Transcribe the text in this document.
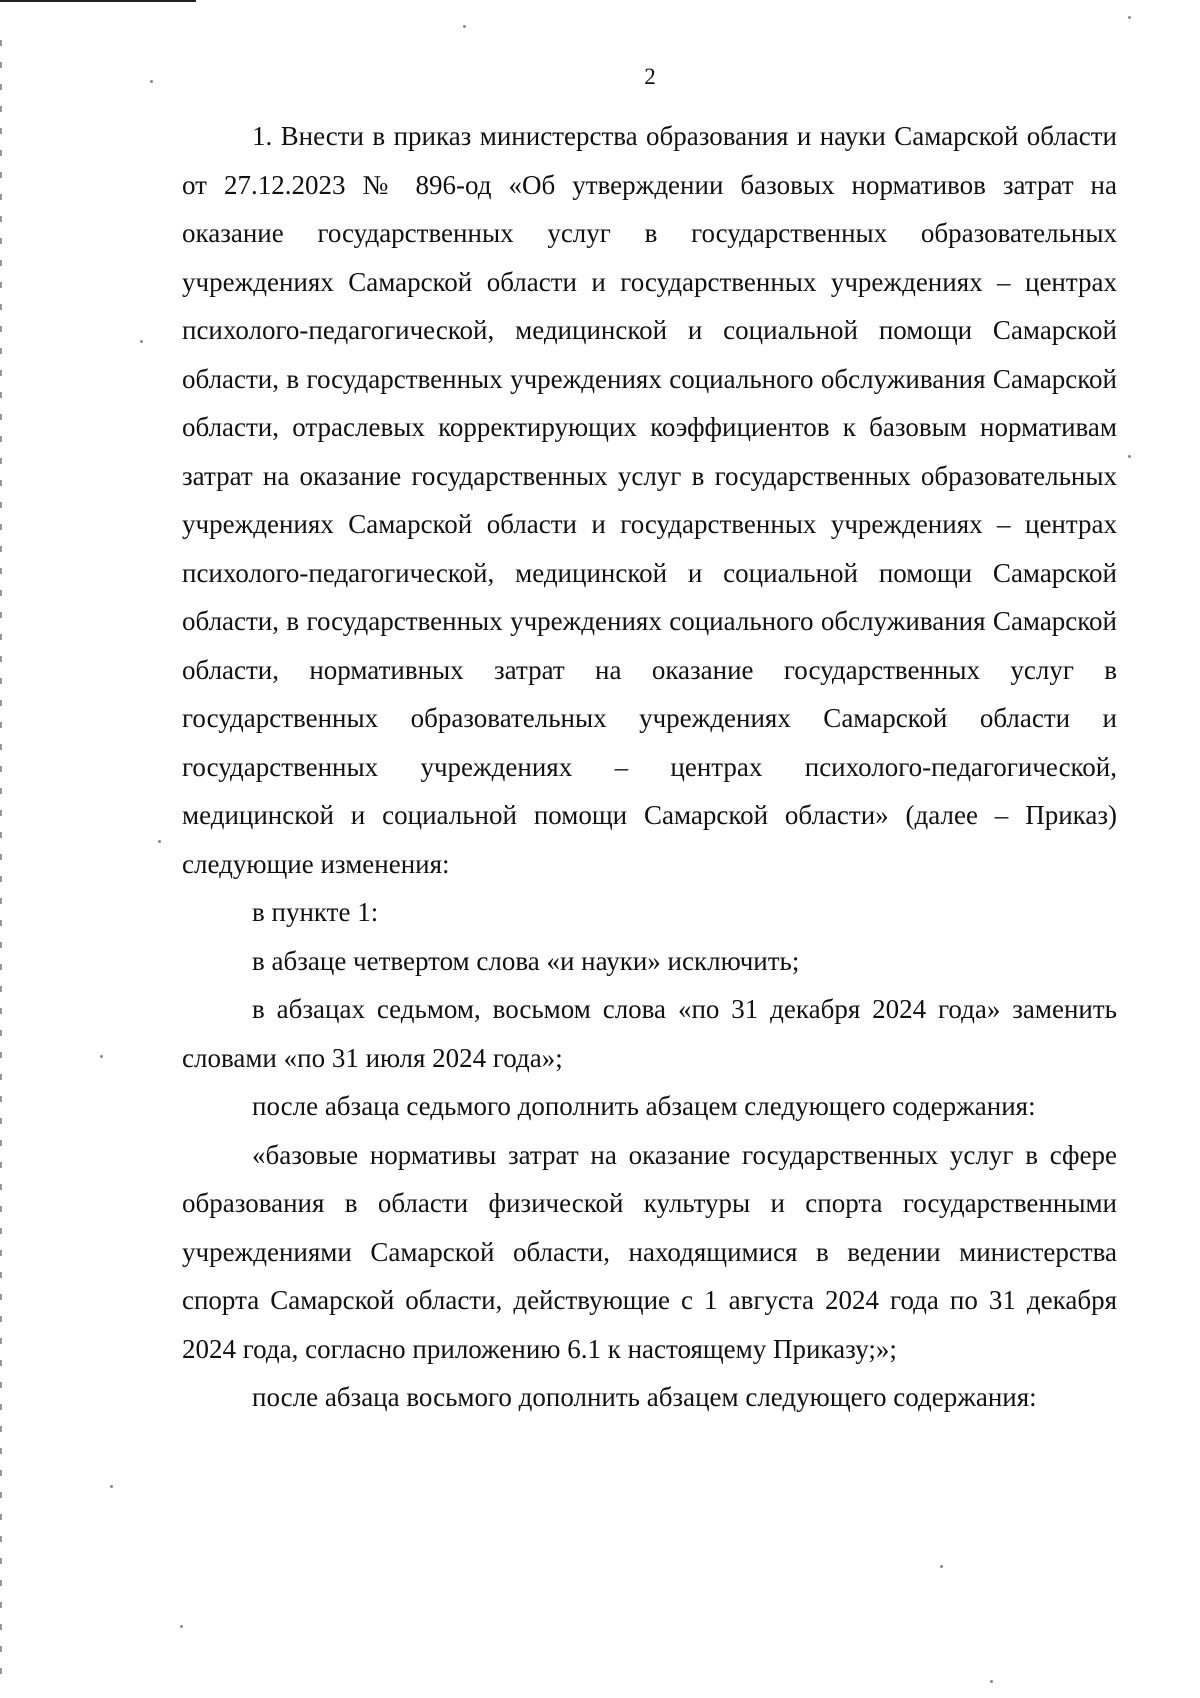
2

1. Внести в приказ министерства образования и науки Самарской области от 27.12.2023 № 896-од «Об утверждении базовых нормативов затрат на оказание государственных услуг в государственных образовательных учреждениях Самарской области и государственных учреждениях – центрах психолого-педагогической, медицинской и социальной помощи Самарской области, в государственных учреждениях социального обслуживания Самарской области, отраслевых корректирующих коэффициентов к базовым нормативам затрат на оказание государственных услуг в государственных образовательных учреждениях Самарской области и государственных учреждениях – центрах психолого-педагогической, медицинской и социальной помощи Самарской области, в государственных учреждениях социального обслуживания Самарской области, нормативных затрат на оказание государственных услуг в государственных образовательных учреждениях Самарской области и государственных учреждениях – центрах психолого-педагогической, медицинской и социальной помощи Самарской области» (далее – Приказ) следующие изменения:

в пункте 1:

в абзаце четвертом слова «и науки» исключить;

в абзацах седьмом, восьмом слова «по 31 декабря 2024 года» заменить словами «по 31 июля 2024 года»;

после абзаца седьмого дополнить абзацем следующего содержания:

«базовые нормативы затрат на оказание государственных услуг в сфере образования в области физической культуры и спорта государственными учреждениями Самарской области, находящимися в ведении министерства спорта Самарской области, действующие с 1 августа 2024 года по 31 декабря 2024 года, согласно приложению 6.1 к настоящему Приказу;»;

после абзаца восьмого дополнить абзацем следующего содержания:
